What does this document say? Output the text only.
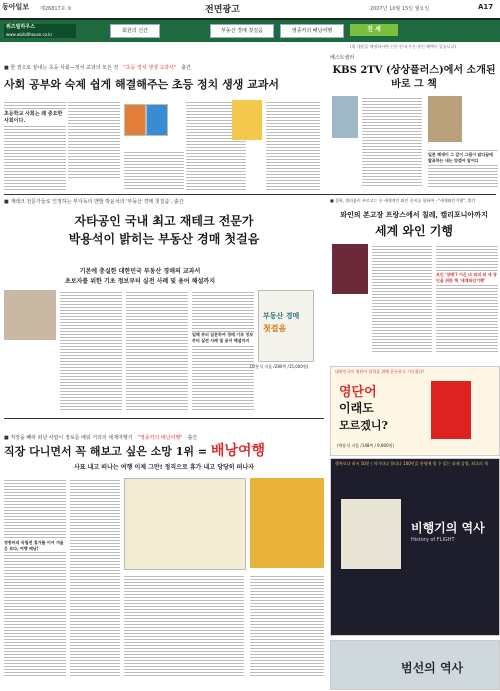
동아일보 제26817호 ③	전면광고	2007년 10월 15일 월요일	A17
위즈빌하우스
www.wizbillhouse.co.kr
회원의 신간	부동산 경매 첫걸음	영종커의 배낭여행	진 세
(위 내용을 예정하시면 신간 안내·주문·할인 혜택이 있습니다)
■ 한 권으로 끝내는 초등 사회—정치 교과의 모든 것 "초등 정치 생생 교과서" 출간
사회 공부와 숙제 쉽게 해결해주는 초등 정치 생생 교과서
초등학교 사회는 왜 중요한 사회이다.
베스트셀러
KBS 2TV (상상플러스)에서 소개된 바로 그 책
일본 헤세이 그 같이 그림이 맑다꿈에 발표하는 내는 양겠어 알어디
■ 재테크 전문가들로 인정하는 부자독의 맨발 박윤석의 '부동산 경매 첫걸음', 출간
자타공인 국내 최고 재테크 전문가
박용석이 밝히는 부동산 경매 첫걸음
기본에 충실한 대한민국 부동산 경매의 교과서
초보자를 위한 기초 정보부터 실전 사례 및 용어 해설까지
일해 부터 입문하여 경매 기초 정보부터 실전 사례 및 용어 해설까지
부동산 경매
첫걸음
(박용석 지음 /280쪽 /15,000원)
■ 철학, 열리움이 부르고는 등 세계적인 와인 신비를 향하여 - "세계와인기행", 출간
와인의 본고장 프랑스에서 칠레, 캘리포니아까지
세계 와인 기행
보인 '장배'? 이은 다 피의 와 세 장인을 위한 책 '세계와인기행'
대한민국이 영단어 잡학을 위해 혼돈하고 기다렸다!
영단어
이래도
모르겠니?
(박용석 지음 /148쪽 / 9,800원)
■ 직장을 빼라 떠난 사람이 정보를 배워 거리의 세계여행기 "영종커의 배낭여행" 출간
직장 다니면서 꼭 해보고 싶은 소망 1위 = 배낭여행
사표 내고 떠나는 여행 이제 그만! 정직으로 휴가 내고 당당히 떠나자
영종커의 독립전 휴가를 이어 겨울은 보다, 여행 배낭!
행복보다 하지 10분 / 마기라다 합리나 100인을 한명에 될 수 있는 과제 감정, 최초의 책
비행기의 역사
History of FLIGHT
범선의 역사
